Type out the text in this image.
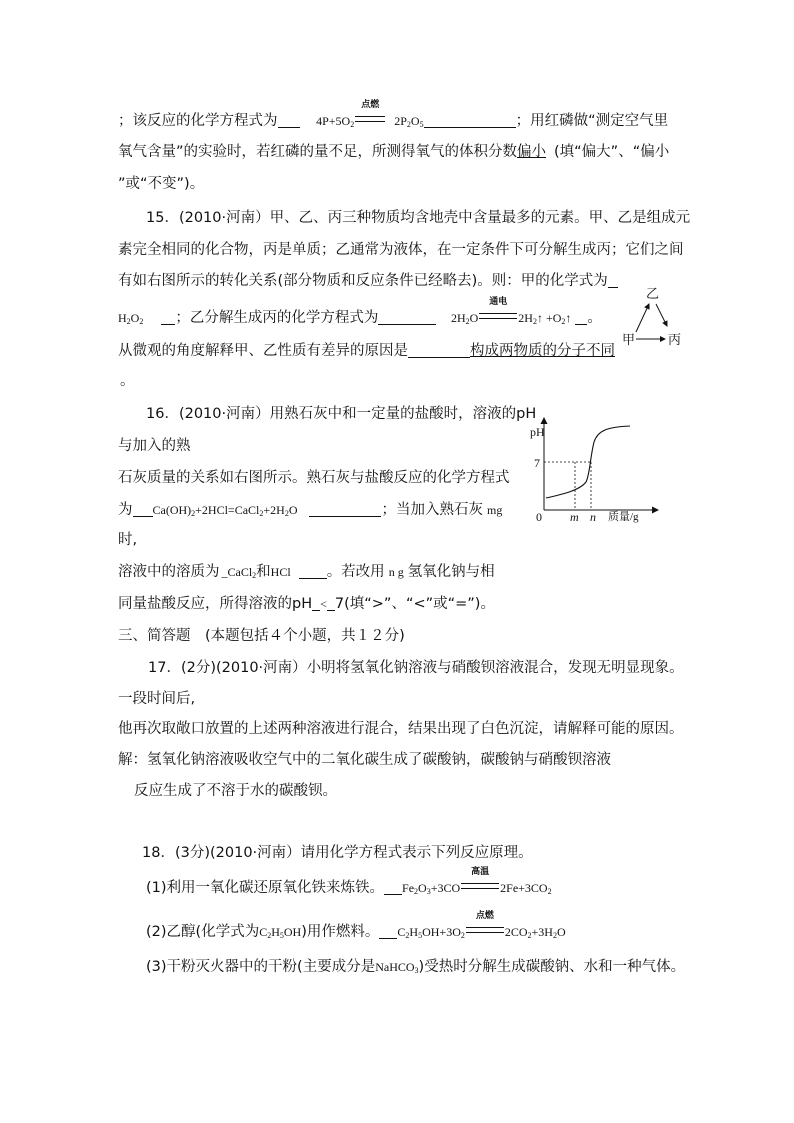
；该反应的化学方程式为	$4P+5O_2$
点燃
$2P_2O_5$	；用红磷做“测定空气里
氧气含量”的实验时，若红磷的量不足，所测得氧气的体积分数偏小 (填“偏大”、“偏小
”或“不变”)。
15．(2010·河南）甲、乙、丙三种物质均含地壳中含量最多的元素。甲、乙是组成元
素完全相同的化合物，丙是单质；乙通常为液体，在一定条件下可分解生成丙；它们之间
有如右图所示的转化关系(部分物质和反应条件已经略去)。则：甲的化学式为
$H_2O_2$ ；乙分解生成丙的化学方程式为	$2H_2O$
通电
$2H_2↑$ $+O_2↑$ 。
从微观的角度解释甲、乙性质有差异的原因是	构成两物质的分子不同
。
乙
甲	丙
16．(2010·河南）用熟石灰中和一定量的盐酸时，溶液的pH
与加入的熟
石灰质量的关系如右图所示。熟石灰与盐酸反应的化学方程式
为 $Ca(OH)_2+2HCl=CaCl_2+2H_2O$	；当加入熟石灰 mg
时,
溶液中的溶质为 _CaCl$_2$和HCl 。若改用 n g 氢氧化钠与相
同量盐酸反应，所得溶液的pH < 7(填“>”、“<”或“=”)。
pH
7
0 m n 质量/g
三、简答题　(本题包括４个小题，共１２分)
17．(2分)(2010·河南）小明将氢氧化钠溶液与硝酸钡溶液混合，发现无明显现象。
一段时间后,
他再次取敞口放置的上述两种溶液进行混合，结果出现了白色沉淀，请解释可能的原因。
解：氢氧化钠溶液吸收空气中的二氧化碳生成了碳酸钠，碳酸钠与硝酸钡溶液
反应生成了不溶于水的碳酸钡。
18．(3分)(2010·河南）请用化学方程式表示下列反应原理。
(1)利用一氧化碳还原氧化铁来炼铁。 $Fe_2O_3+3CO$
高温
$2Fe+3CO_2$
(2)乙醇(化学式为$C_2H_5OH$)用作燃料。 $C_2H_5OH+3O_2$
点燃
$2CO_2+3H_2O$
(3)干粉灭火器中的干粉(主要成分是NaHCO$_3$)受热时分解生成碳酸钠、水和一种气体。
